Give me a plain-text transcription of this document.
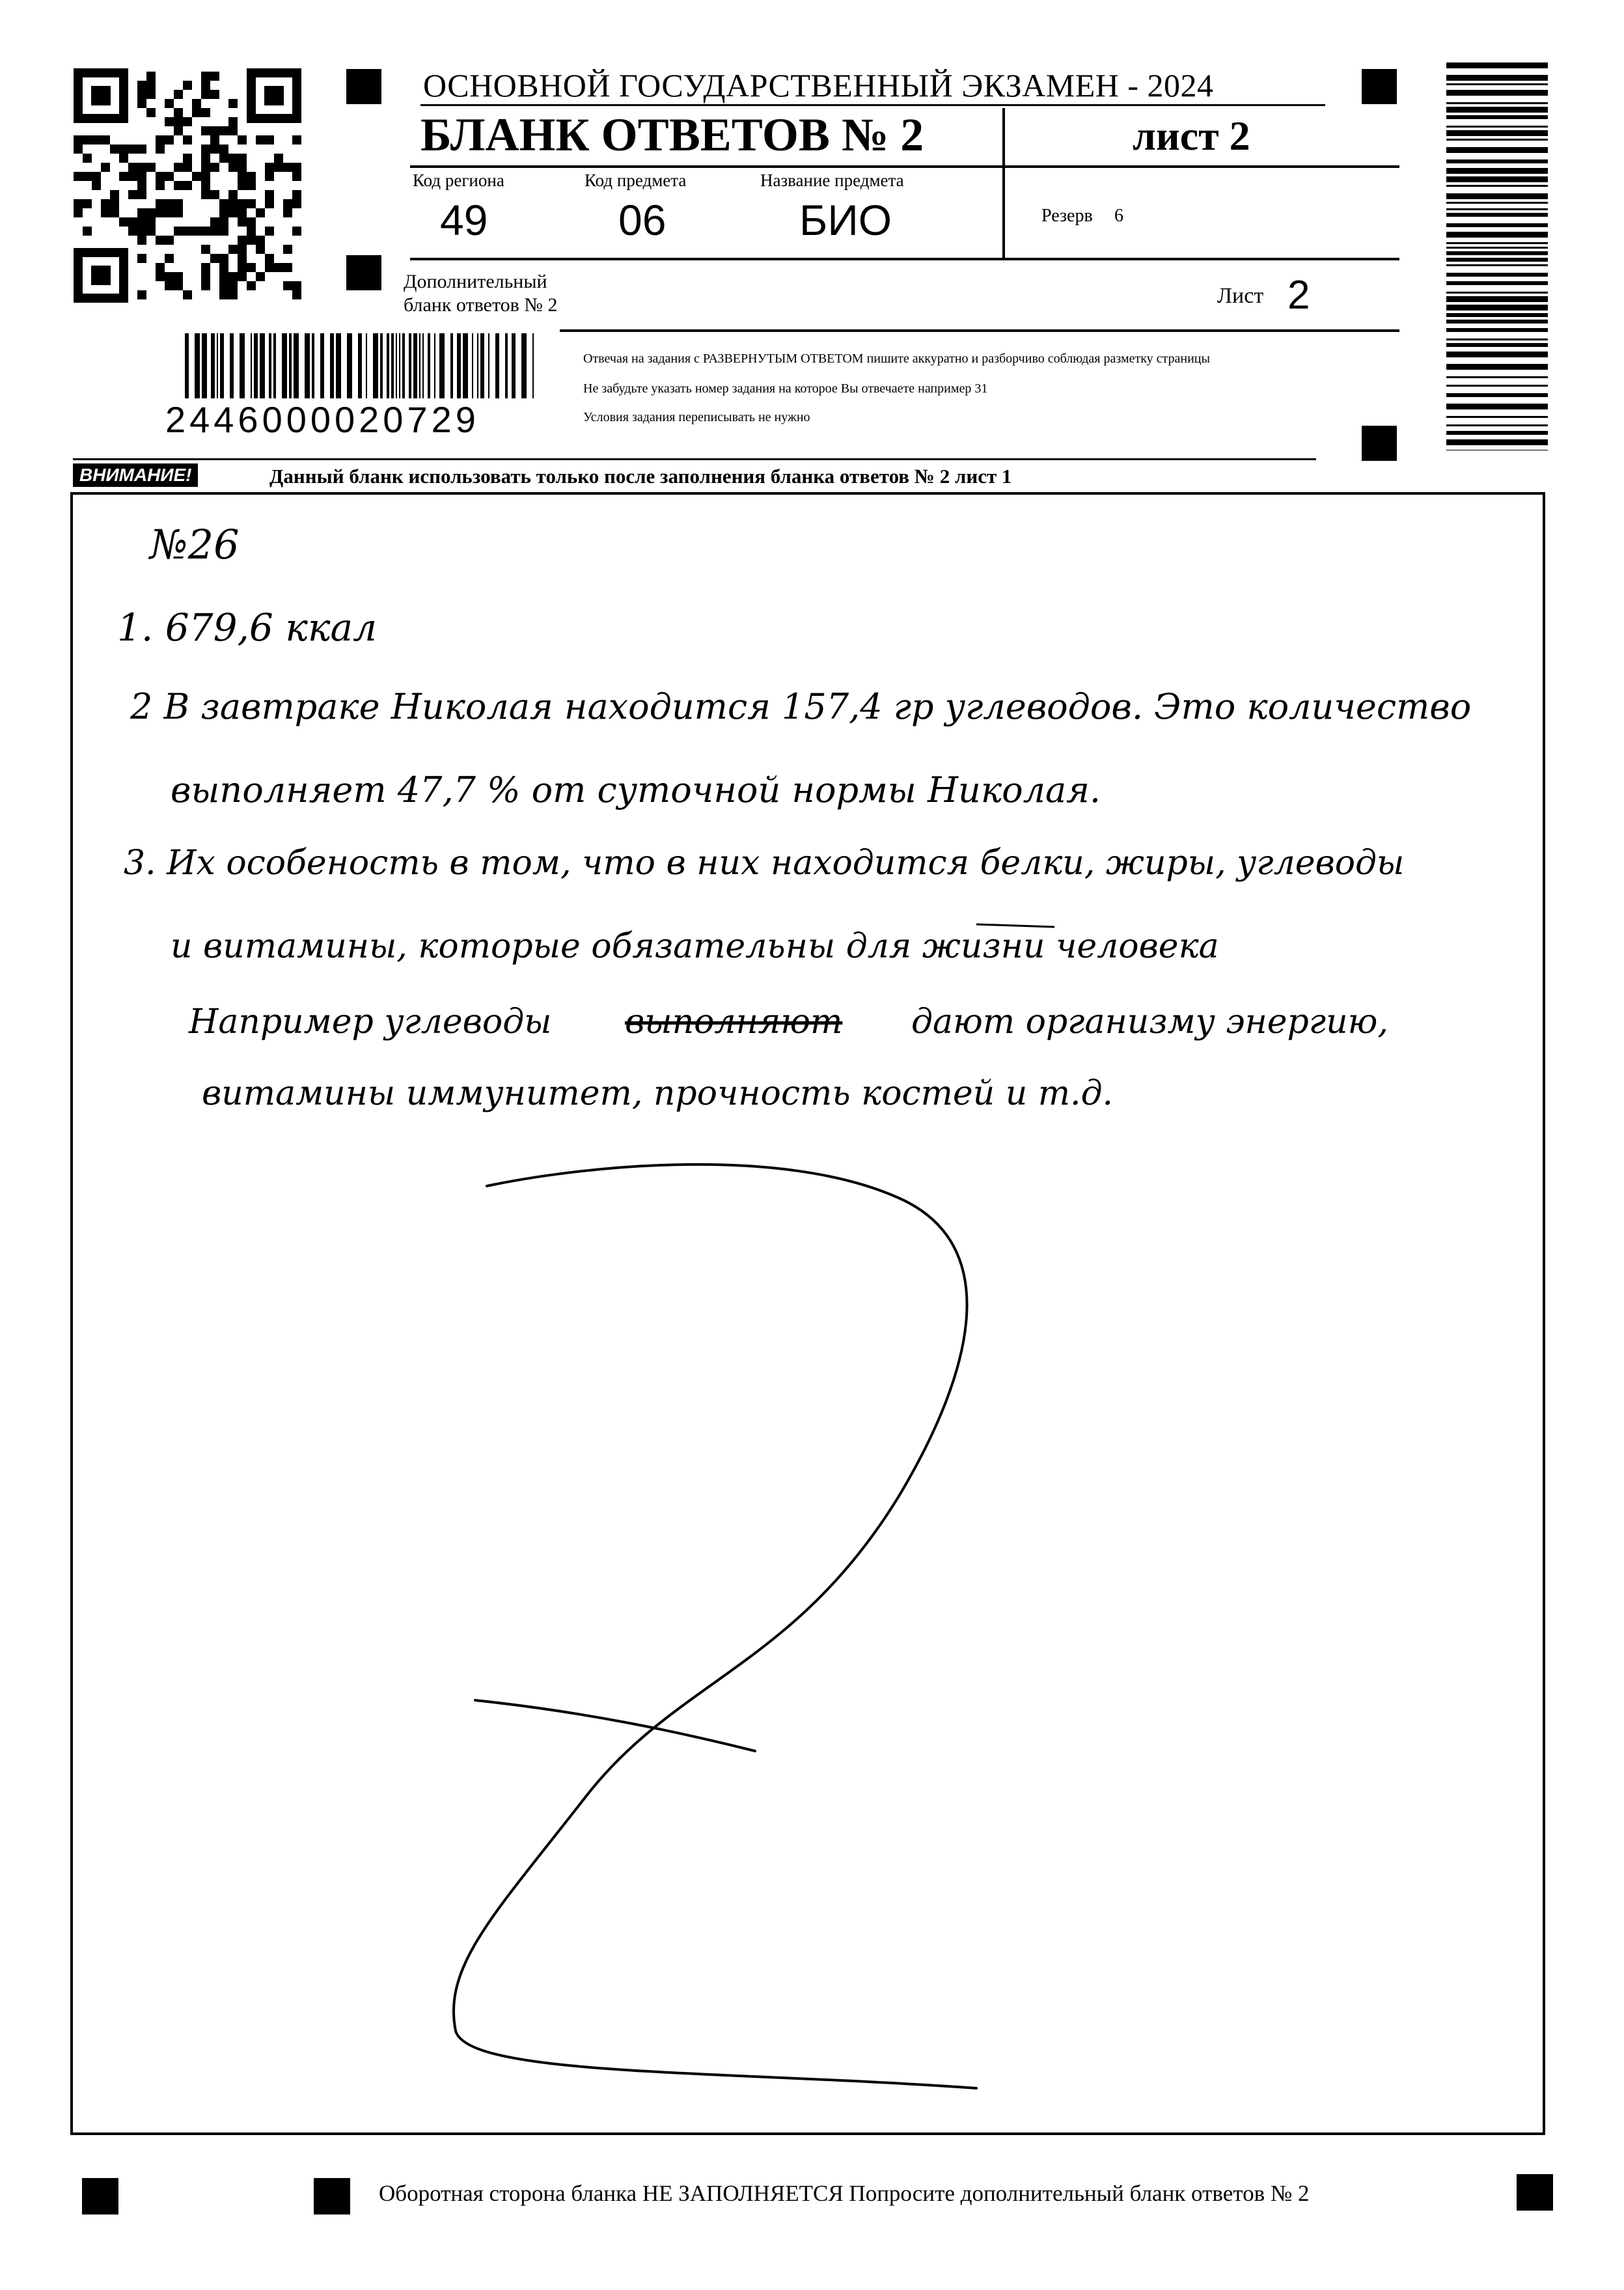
ОСНОВНОЙ ГОСУДАРСТВЕННЫЙ ЭКЗАМЕН - 2024
БЛАНК ОТВЕТОВ № 2	лист 2
Код региона
49
Код предмета
06
Название предмета
БИО	Резерв 6
Дополнительный
бланк ответов № 2	Лист 2
2446000020729
Отвечая на задания с РАЗВЕРНУТЫМ ОТВЕТОМ пишите аккуратно и разборчиво соблюдая разметку страницы
Не забудьте указать номер задания на которое Вы отвечаете например 31
Условия задания переписывать не нужно
ВНИМАНИЕ!	Данный бланк использовать только после заполнения бланка ответов № 2 лист 1
№26
1. 679,6 ккал
2 В завтраке Николая находится 157,4 гр углеводов. Это количество
выполняет 47,7 % от суточной нормы Николая.
3. Их особеность в том, что в них находится белки, жиры, углеводы
и витамины, которые обязательны для жизни человека
Например углеводы выполняют дают организму энергию,
витамины иммунитет, прочность костей и т.д.
Оборотная сторона бланка НЕ ЗАПОЛНЯЕТСЯ Попросите дополнительный бланк ответов № 2
